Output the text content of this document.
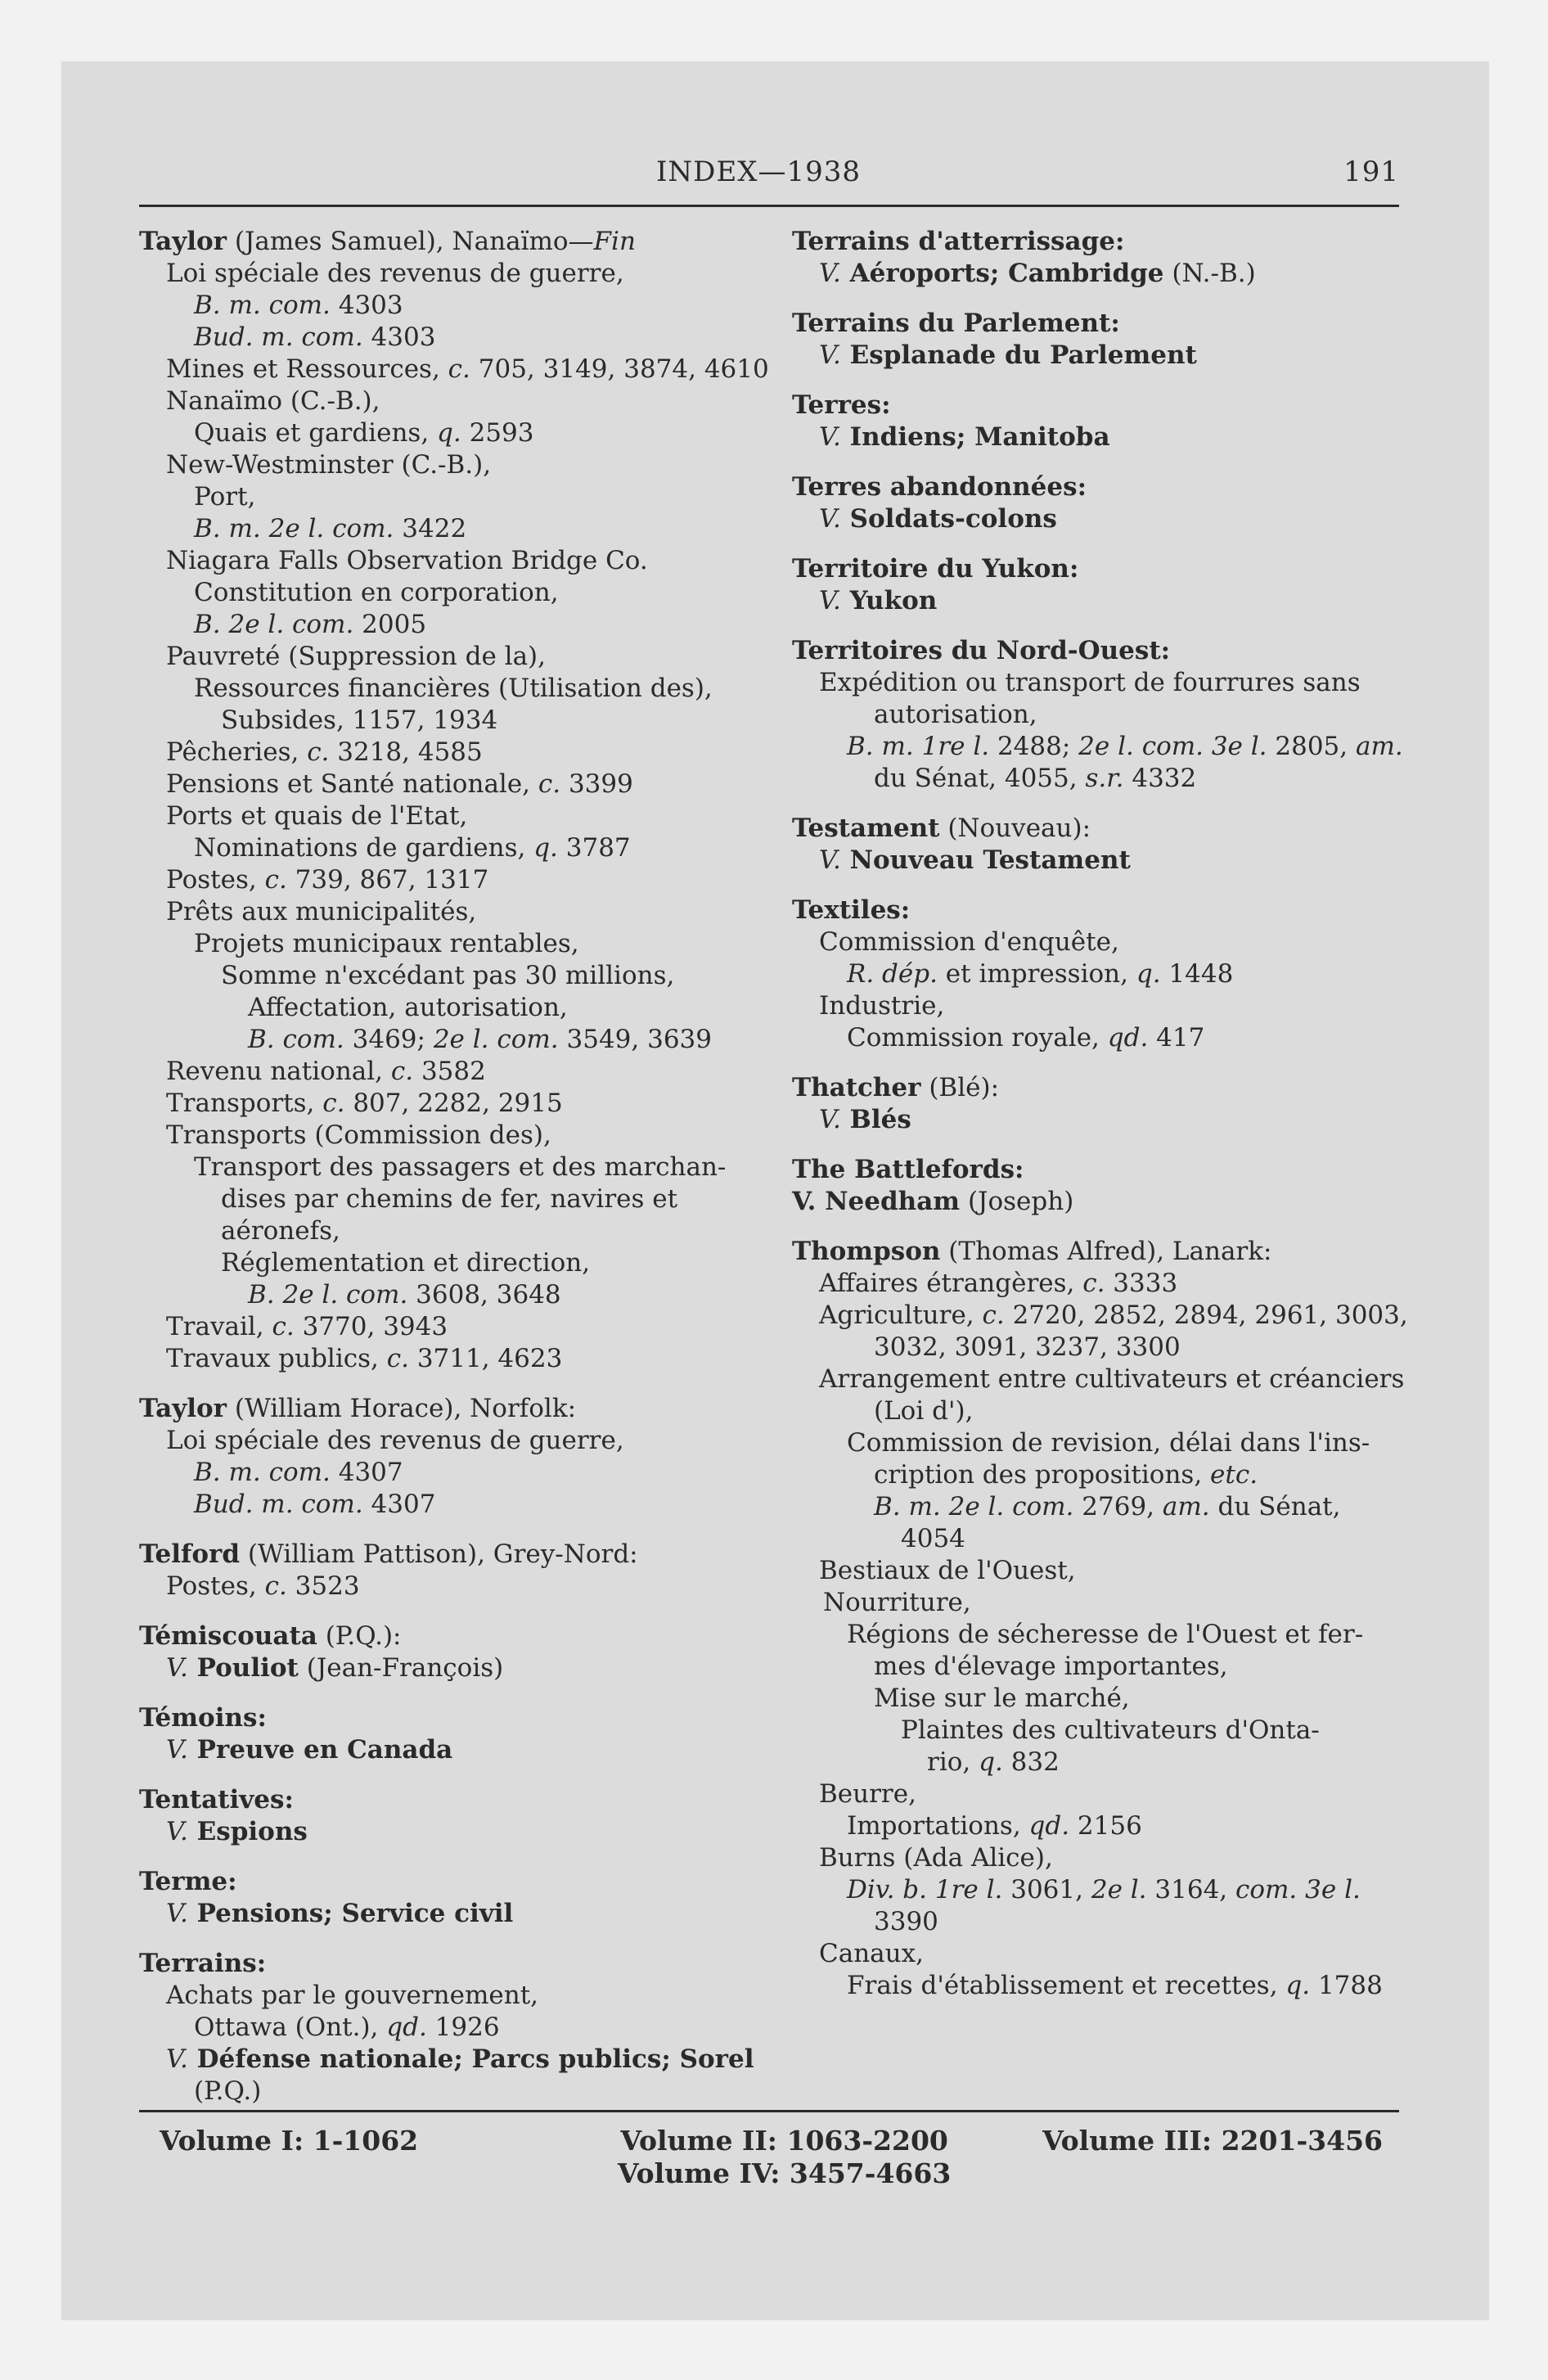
INDEX—1938	191
Taylor (James Samuel), Nanaïmo—Fin
Loi spéciale des revenus de guerre,
B. m. com. 4303
Bud. m. com. 4303
Mines et Ressources, c. 705, 3149, 3874, 4610
Nanaïmo (C.-B.),
Quais et gardiens, q. 2593
New-Westminster (C.-B.),
Port,
B. m. 2e l. com. 3422
Niagara Falls Observation Bridge Co.
Constitution en corporation,
B. 2e l. com. 2005
Pauvreté (Suppression de la),
Ressources financières (Utilisation des),
Subsides, 1157, 1934
Pêcheries, c. 3218, 4585
Pensions et Santé nationale, c. 3399
Ports et quais de l'Etat,
Nominations de gardiens, q. 3787
Postes, c. 739, 867, 1317
Prêts aux municipalités,
Projets municipaux rentables,
Somme n'excédant pas 30 millions,
Affectation, autorisation,
B. com. 3469; 2e l. com. 3549, 3639
Revenu national, c. 3582
Transports, c. 807, 2282, 2915
Transports (Commission des),
Transport des passagers et des marchan-
dises par chemins de fer, navires et
aéronefs,
Réglementation et direction,
B. 2e l. com. 3608, 3648
Travail, c. 3770, 3943
Travaux publics, c. 3711, 4623
Taylor (William Horace), Norfolk:
Loi spéciale des revenus de guerre,
B. m. com. 4307
Bud. m. com. 4307
Telford (William Pattison), Grey-Nord:
Postes, c. 3523
Témiscouata (P.Q.):
V. Pouliot (Jean-François)
Témoins:
V. Preuve en Canada
Tentatives:
V. Espions
Terme:
V. Pensions; Service civil
Terrains:
Achats par le gouvernement,
Ottawa (Ont.), qd. 1926
V. Défense nationale; Parcs publics; Sorel
(P.Q.)
Terrains d'atterrissage:
V. Aéroports; Cambridge (N.-B.)
Terrains du Parlement:
V. Esplanade du Parlement
Terres:
V. Indiens; Manitoba
Terres abandonnées:
V. Soldats-colons
Territoire du Yukon:
V. Yukon
Territoires du Nord-Ouest:
Expédition ou transport de fourrures sans
autorisation,
B. m. 1re l. 2488; 2e l. com. 3e l. 2805, am.
du Sénat, 4055, s.r. 4332
Testament (Nouveau):
V. Nouveau Testament
Textiles:
Commission d'enquête,
R. dép. et impression, q. 1448
Industrie,
Commission royale, qd. 417
Thatcher (Blé):
V. Blés
The Battlefords:
V. Needham (Joseph)
Thompson (Thomas Alfred), Lanark:
Affaires étrangères, c. 3333
Agriculture, c. 2720, 2852, 2894, 2961, 3003,
3032, 3091, 3237, 3300
Arrangement entre cultivateurs et créanciers
(Loi d'),
Commission de revision, délai dans l'ins-
cription des propositions, etc.
B. m. 2e l. com. 2769, am. du Sénat,
4054
Bestiaux de l'Ouest,
Nourriture,
Régions de sécheresse de l'Ouest et fer-
mes d'élevage importantes,
Mise sur le marché,
Plaintes des cultivateurs d'Onta-
rio, q. 832
Beurre,
Importations, qd. 2156
Burns (Ada Alice),
Div. b. 1re l. 3061, 2e l. 3164, com. 3e l.
3390
Canaux,
Frais d'établissement et recettes, q. 1788
Volume I: 1-1062	Volume II: 1063-2200
Volume IV: 3457-4663
Volume III: 2201-3456
